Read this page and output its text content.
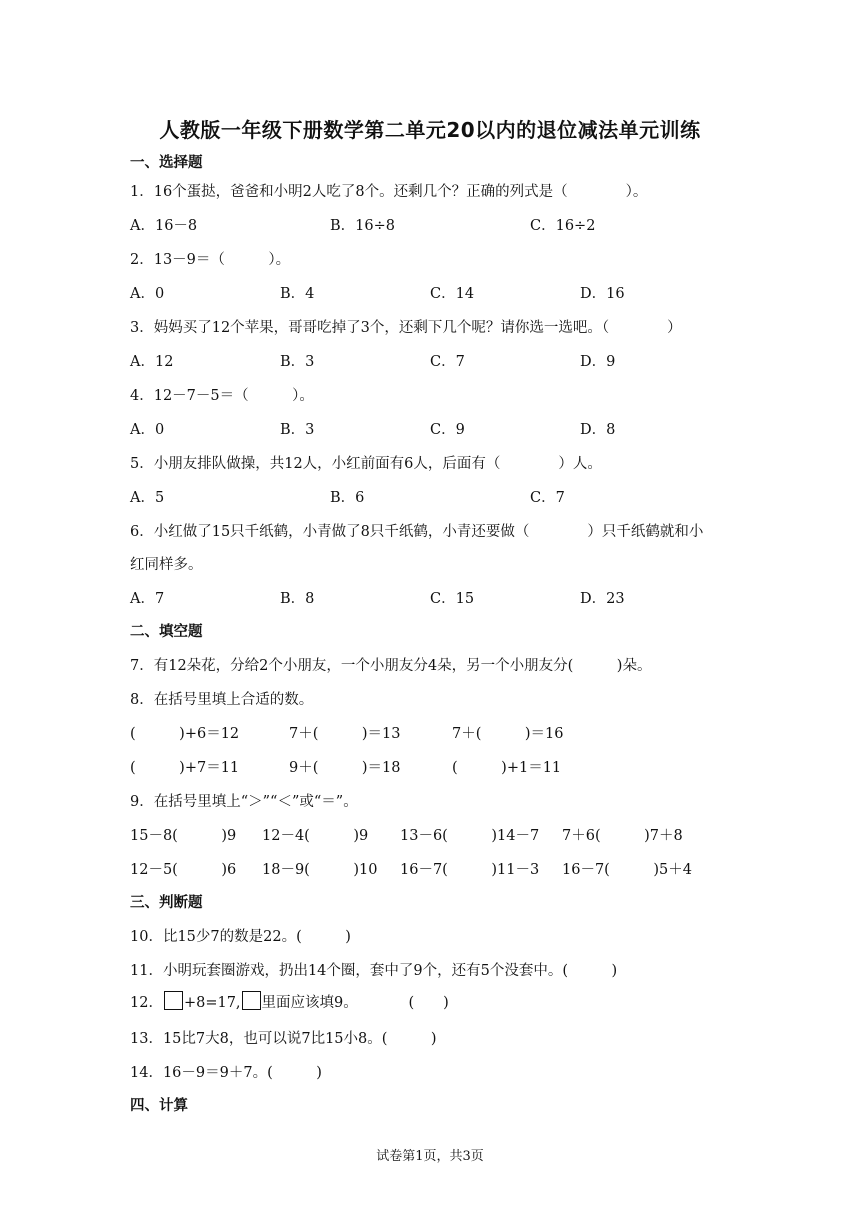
人教版一年级下册数学第二单元20以内的退位减法单元训练
一、选择题
1．16个蛋挞，爸爸和小明2人吃了8个。还剩几个？正确的列式是（　　　　）。
A．16－8	B．16÷8	C．16÷2
2．13－9＝（　　　）。
A．0	B．4	C．14	D．16
3．妈妈买了12个苹果，哥哥吃掉了3个，还剩下几个呢？请你选一选吧。（　　　　）
A．12	B．3	C．7	D．9
4．12－7－5＝（　　　）。
A．0	B．3	C．9	D．8
5．小朋友排队做操，共12人，小红前面有6人，后面有（　　　　）人。
A．5	B．6	C．7
6．小红做了15只千纸鹤，小青做了8只千纸鹤，小青还要做（　　　　）只千纸鹤就和小
红同样多。
A．7	B．8	C．15	D．23
二、填空题
7．有12朵花，分给2个小朋友，一个小朋友分4朵，另一个小朋友分(　　　)朵。
8．在括号里填上合适的数。
(　　　)+6＝12	7＋(　　　)＝13	7＋(　　　)＝16
(　　　)+7＝11	9＋(　　　)＝18	(　　　)+1＝11
9．在括号里填上“＞”“＜”或“＝”。
15－8(　　　)9 12－4(　　　)9 13－6(　　　)14－7 7＋6(　　　)7＋8
12－5(　　　)6 18－9(　　　)10 16－7(　　　)11－3 16－7(　　　)5＋4
三、判断题
10．比15少7的数是22。(　　　)
11．小明玩套圈游戏，扔出14个圈，套中了9个，还有5个没套中。(　　　)
12． +8=17, 里面应该填9。　　　　(　　)
13．15比7大8，也可以说7比15小8。(　　　)
14．16－9＝9＋7。(　　　)
四、计算
试卷第1页，共3页
